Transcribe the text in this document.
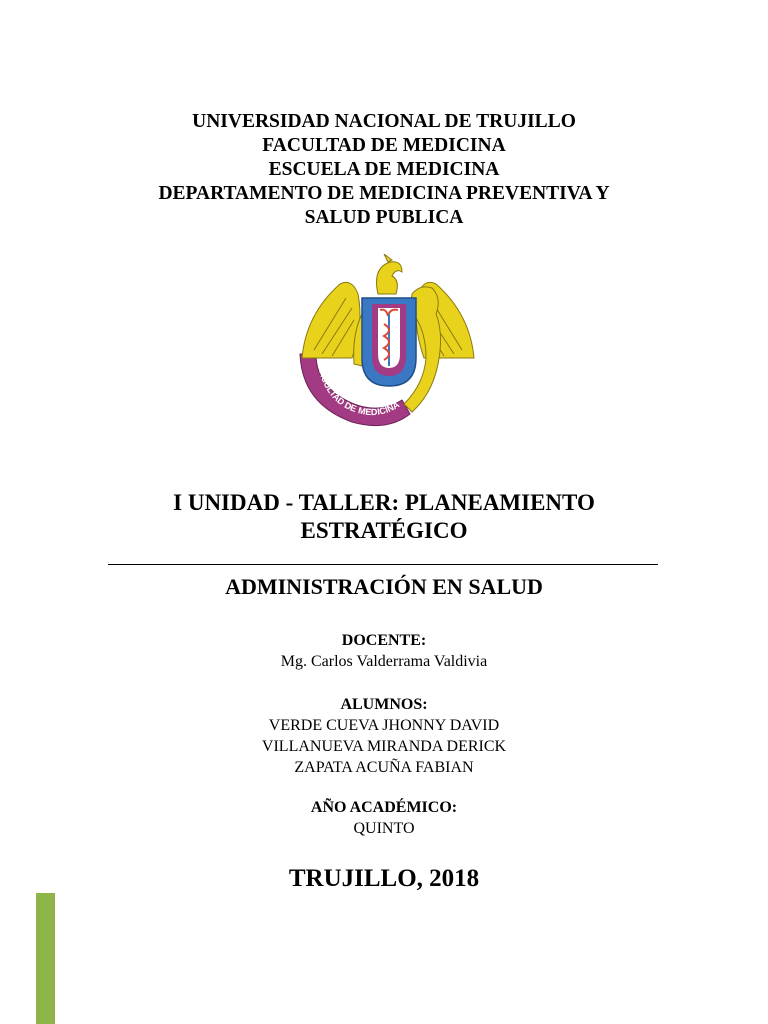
UNIVERSIDAD NACIONAL DE TRUJILLO
FACULTAD DE MEDICINA
ESCUELA DE MEDICINA
DEPARTAMENTO DE MEDICINA PREVENTIVA Y
SALUD PUBLICA
FACULTAD DE MEDICINA
I UNIDAD - TALLER: PLANEAMIENTO
ESTRATÉGICO
ADMINISTRACIÓN EN SALUD
DOCENTE:
Mg. Carlos Valderrama Valdivia
ALUMNOS:
VERDE CUEVA JHONNY DAVID
VILLANUEVA MIRANDA DERICK
ZAPATA ACUÑA FABIAN
AÑO ACADÉMICO:
QUINTO
TRUJILLO, 2018
